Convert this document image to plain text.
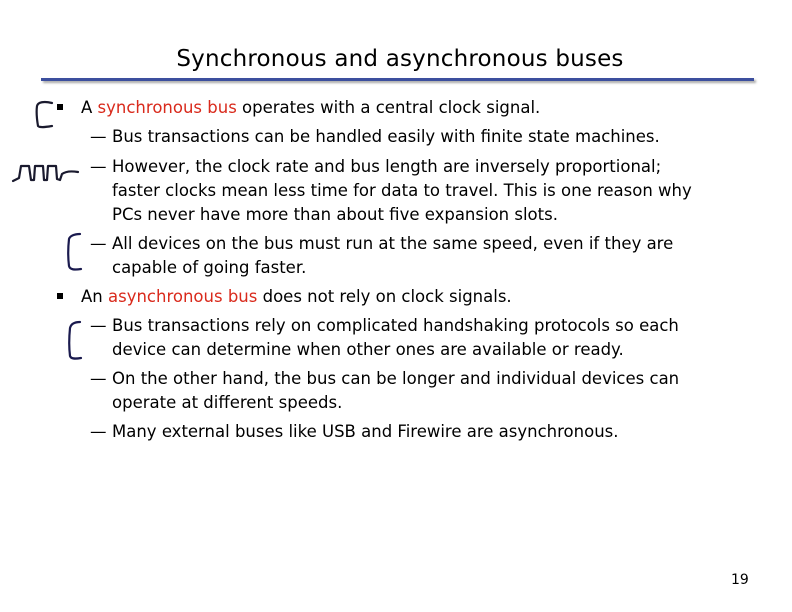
Synchronous and asynchronous buses
A synchronous bus operates with a central clock signal.
— Bus transactions can be handled easily with finite state machines.
— However, the clock rate and bus length are inversely proportional;
faster clocks mean less time for data to travel. This is one reason why
PCs never have more than about five expansion slots.
— All devices on the bus must run at the same speed, even if they are
capable of going faster.
An asynchronous bus does not rely on clock signals.
— Bus transactions rely on complicated handshaking protocols so each
device can determine when other ones are available or ready.
— On the other hand, the bus can be longer and individual devices can
operate at different speeds.
— Many external buses like USB and Firewire are asynchronous.
19
